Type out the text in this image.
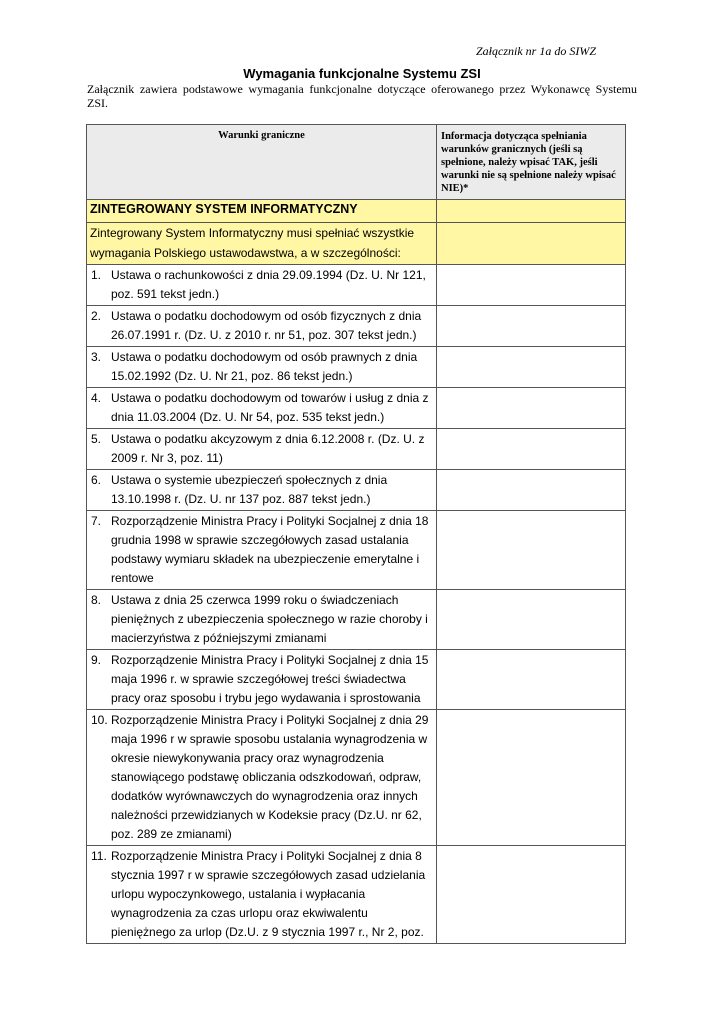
Załącznik nr 1a do SIWZ
Wymagania funkcjonalne Systemu ZSI
Załącznik zawiera podstawowe wymagania funkcjonalne dotyczące oferowanego przez Wykonawcę Systemu ZSI.
Warunki graniczne	Informacja dotycząca spełniania warunków granicznych (jeśli są spełnione, należy wpisać TAK, jeśli warunki nie są spełnione należy wpisać NIE)*
ZINTEGROWANY SYSTEM INFORMATYCZNY	
Zintegrowany System Informatyczny musi spełniać wszystkie wymagania Polskiego ustawodawstwa, a w szczególności:	

1. Ustawa o rachunkowości z dnia 29.09.1994 (Dz. U. Nr 121, poz. 591 tekst jedn.)	

2. Ustawa o podatku dochodowym od osób fizycznych z dnia 26.07.1991 r. (Dz. U. z 2010 r. nr 51, poz. 307 tekst jedn.)	

3. Ustawa o podatku dochodowym od osób prawnych z dnia 15.02.1992 (Dz. U. Nr 21, poz. 86 tekst jedn.)	

4. Ustawa o podatku dochodowym od towarów i usług z dnia z dnia 11.03.2004 (Dz. U. Nr 54, poz. 535 tekst jedn.)	

5. Ustawa o podatku akcyzowym z dnia 6.12.2008 r. (Dz. U. z 2009 r. Nr 3, poz. 11)	

6. Ustawa o systemie ubezpieczeń społecznych z dnia 13.10.1998 r. (Dz. U. nr 137 poz. 887 tekst jedn.)	

7. Rozporządzenie Ministra Pracy i Polityki Socjalnej z dnia 18 grudnia 1998 w sprawie szczegółowych zasad ustalania podstawy wymiaru składek na ubezpieczenie emerytalne i rentowe	

8. Ustawa z dnia 25 czerwca 1999 roku o świadczeniach pieniężnych z ubezpieczenia społecznego w razie choroby i macierzyństwa z późniejszymi zmianami	

9. Rozporządzenie Ministra Pracy i Polityki Socjalnej z dnia 15 maja 1996 r. w sprawie szczegółowej treści świadectwa pracy oraz sposobu i trybu jego wydawania i sprostowania	

10. Rozporządzenie Ministra Pracy i Polityki Socjalnej z dnia 29 maja 1996 r w sprawie sposobu ustalania wynagrodzenia w okresie niewykonywania pracy oraz wynagrodzenia stanowiącego podstawę obliczania odszkodowań, odpraw, dodatków wyrównawczych do wynagrodzenia oraz innych należności przewidzianych w Kodeksie pracy (Dz.U. nr 62, poz. 289 ze zmianami)	

11. Rozporządzenie Ministra Pracy i Polityki Socjalnej z dnia 8 stycznia 1997 r w sprawie szczegółowych zasad udzielania urlopu wypoczynkowego, ustalania i wypłacania wynagrodzenia za czas urlopu oraz ekwiwalentu pieniężnego za urlop (Dz.U. z 9 stycznia 1997 r., Nr 2, poz.	
